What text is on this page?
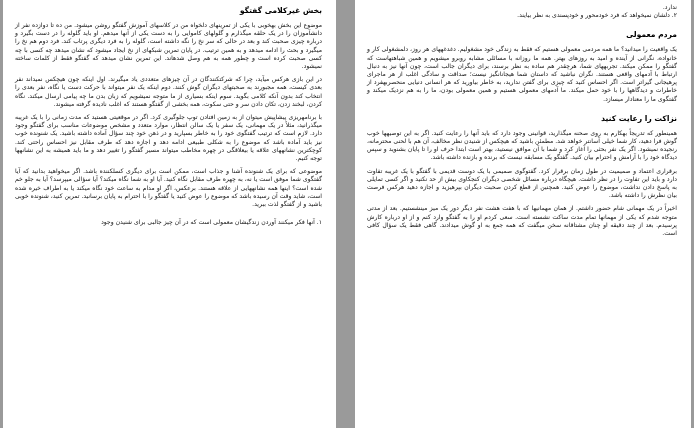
بخش غیرکلامی گفتگو

موضوع این بخش بهخوبی با یکی از تمرینهای دلخواه من در کلاسهای آموزش گفتگو روشن میشود. من ده تا دوازده نفر از دانشآموزان را در یک حلقه میگذارم و گلولهای کاموایی را به دست یکی از آنها میدهم. او باید گلوله را در دست بگیرد و درباره چیزی صحبت کند و بعد در حالی که سر نخ را نگه داشته است، گلوله را به فرد دیگری پرتاب کند. فرد دوم هم نخ را میگیرد و بحث را ادامه میدهد و به همین ترتیب. در پایان تمرین شبکهای از نخ ایجاد میشود که نشان میدهد چه کسی با چه کسی صحبت کرده است و چطور همه به هم وصل شدهاند. این تمرین نشان میدهد که گفتگو فقط از کلمات ساخته نمیشود.

در این بازی هرکس میآید، چرا که شرکتکنندگان در آن چیزهای متعددی یاد میگیرند. اول اینکه چون هیچکس نمیداند نفر بعدی کیست، همه مجبورند به صحبتهای دیگران گوش کنند. دوم اینکه یک نفر میتواند با حرکت دست یا نگاه، نفر بعدی را انتخاب کند بدون آنکه کلامی بگوید. سوم اینکه بسیاری از ما متوجه نمیشویم که زبان بدن ما چه پیامی ارسال میکند. نگاه کردن، لبخند زدن، تکان دادن سر و حتی سکوت، همه بخشی از گفتگو هستند که اغلب نادیده گرفته میشوند.

با برنامهریزی پیشاپیش میتوان از به زمین افتادن توپ جلوگیری کرد. اگر در موقعیتی هستید که مدت زمانی را با یک غریبه میگذرانید، مثلاً در یک مهمانی، یک سفر یا یک سالن انتظار، موارد متعدد و مشخص موضوعات مناسب برای گفتگو وجود دارد. لازم است که ترتیب گفتگوی خود را به خاطر بسپارید و در ذهن خود چند سؤال آماده داشته باشید. یک شنونده خوب نیز باید آماده باشد که موضوع را به شکلی طبیعی ادامه دهد و اجازه دهد که طرف مقابل نیز احساس راحتی کند. کوچکترین نشانههای علاقه یا بیعلاقگی در چهره مخاطب میتواند مسیر گفتگو را تغییر دهد و ما باید همیشه به این نشانهها توجه کنیم.

موضوعی که برای یک شنونده آشنا و جذاب است، ممکن است برای دیگری کسلکننده باشد. اگر میخواهید بدانید که آیا گفتگوی شما موفق است یا نه، به چهره طرف مقابل نگاه کنید. آیا او به شما نگاه میکند؟ آیا سؤالی میپرسد؟ آیا به جلو خم شده است؟ اینها همه نشانههایی از علاقه هستند. برعکس، اگر او مدام به ساعت خود نگاه میکند یا به اطراف خیره شده است، شاید وقت آن رسیده باشد که موضوع را عوض کنید یا گفتگو را با احترام به پایان برسانید. تمرین کنید، شنونده خوبی باشید و از گفتگو لذت ببرید.

۱. آنها فکر میکنند آوردن زندگیشان معمولی است که در آن چیز جالبی برای شنیدن وجود

ندارد.

۲. دلشان نمیخواهد که فرد خودمحور و خودپسندی به نظر بیایند.

مردم معمولی

یک واقعیت را میدانید؟ ما همه مردمی معمولی هستیم که فقط به زندگی خود مشغولیم. دغدغههای هر روز، دلمشغولی کار و خانواده، نگرانی از آینده و امید به روزهای بهتر. همه ما روزانه با مسائلی مشابه روبرو میشویم و همین شباهتهاست که گفتگو را ممکن میکند. تجربههای شما، هرچقدر هم ساده به نظر برسند، برای دیگران جالب است، چون آنها نیز به دنبال ارتباط با آدمهای واقعی هستند. نگران نباشید که داستان شما هیجانانگیز نیست؛ صداقت و سادگی اغلب از هر ماجرای پرهیجانی گیراتر است. اگر احساس کنید که چیزی برای گفتن ندارید، به خاطر بیاورید که هر انسانی دنیایی منحصربهفرد از خاطرات و دیدگاهها را با خود حمل میکند. ما آدمهای معمولی هستیم و همین معمولی بودن، ما را به هم نزدیک میکند و گفتگوی ما را معنادار میسازد.

نزاکت را رعایت کنید

همینطور که تدریجاً بهکارم به روی صحنه میگذارید، قوانینی وجود دارد که باید آنها را رعایت کنید. اگر به این توصیهها خوب گوش فرا دهید، کار شما خیلی آسانتر خواهد شد. مطمئن باشید که هیچکس از شنیدن نظر مخالف، آن هم با لحنی محترمانه، رنجیده نمیشود. اگر یک نفر بحثی را آغاز کرد و شما با آن موافق نیستید، بهتر است ابتدا حرف او را تا پایان بشنوید و سپس دیدگاه خود را با آرامش و احترام بیان کنید. گفتگو یک مسابقه نیست که برنده و بازنده داشته باشد.

برقراری اعتماد و صمیمیت در طول زمان برقرار کرد. گفتوگوی صمیمی با یک دوست قدیمی با گفتگو با یک غریبه تفاوت دارد و باید این تفاوت را در نظر داشت. هیچگاه درباره مسائل شخصی دیگران کنجکاوی بیش از حد نکنید و اگر کسی تمایلی به پاسخ دادن نداشت، موضوع را عوض کنید. همچنین از قطع کردن صحبت دیگران بپرهیزید و اجازه دهید هرکس فرصت بیان نظرش را داشته باشد.

اخیراً در یک مهمانی شام حضور داشتم. از همان مهمانیها که با هفت هشت نفر دیگر دور یک میز مینشستیم. بعد از مدتی متوجه شدم که یکی از مهمانها تمام مدت ساکت نشسته است. سعی کردم او را به گفتگو وارد کنم و از او درباره کارش پرسیدم. بعد از چند دقیقه او چنان مشتاقانه سخن میگفت که همه جمع به او گوش میدادند. گاهی فقط یک سؤال کافی است.
